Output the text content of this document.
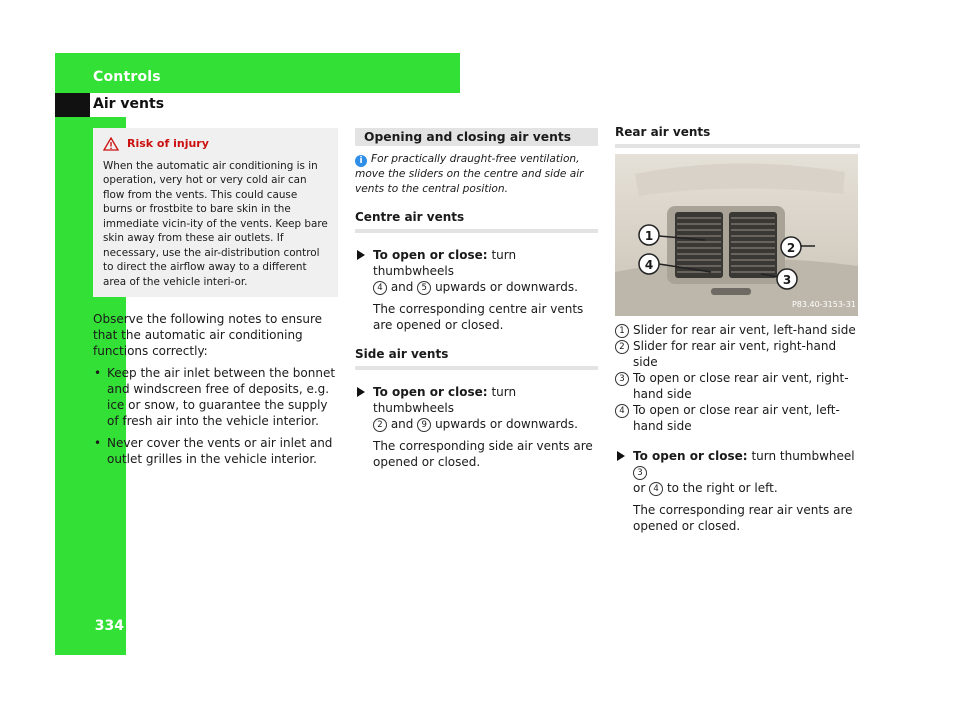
Controls
Air vents
334
Risk of injury
When the automatic air conditioning is in operation, very hot or very cold air can flow from the vents. This could cause burns or frostbite to bare skin in the immediate vicin-ity of the vents. Keep bare skin away from these air outlets. If necessary, use the air-distribution control to direct the airflow away to a different area of the vehicle interi-or.

Observe the following notes to ensure that the automatic air conditioning functions correctly:

• Keep the air inlet between the bonnet and windscreen free of deposits, e.g. ice or snow, to guarantee the supply of fresh air into the vehicle interior.
• Never cover the vents or air inlet and outlet grilles in the vehicle interior.
Opening and closing air vents
i For practically draught-free ventilation, move the sliders on the centre and side air vents to the central position.
Centre air vents
To open or close: turn thumbwheels
4 and 5 upwards or downwards.
The corresponding centre air vents are opened or closed.
Side air vents
To open or close: turn thumbwheels
2 and 9 upwards or downwards.
The corresponding side air vents are opened or closed.
Rear air vents
1
2
3
4
P83.40-3153-31
1 Slider for rear air vent, left-hand side
2 Slider for rear air vent, right-hand side
3 To open or close rear air vent, right-hand side
4 To open or close rear air vent, left-hand side
To open or close: turn thumbwheel 3
or 4 to the right or left.
The corresponding rear air vents are opened or closed.
